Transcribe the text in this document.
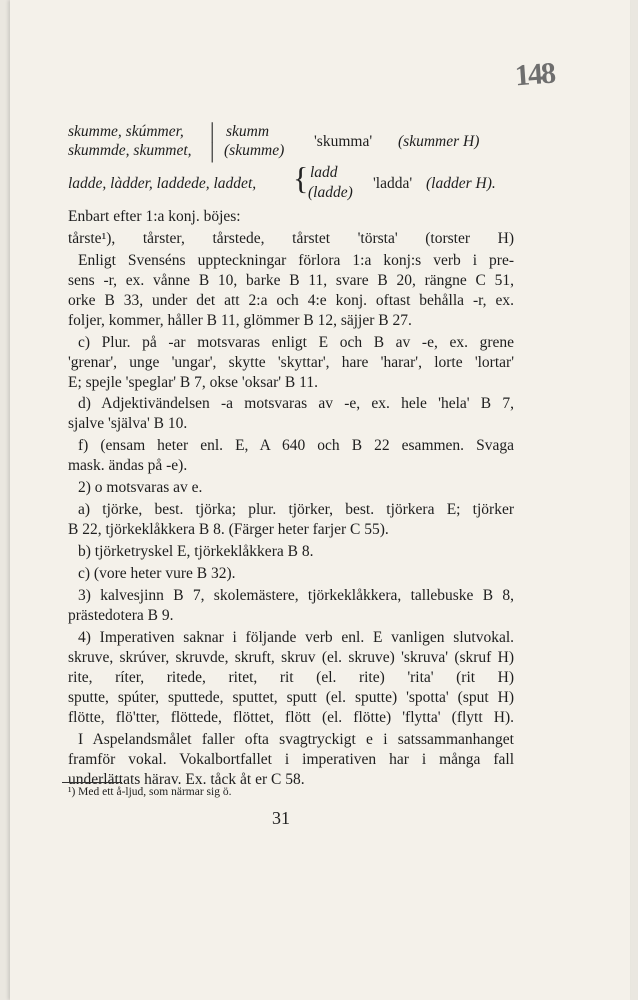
148
skumme, skúmmer, | skumm
skummde, skummet, | (skumme)
'skumma' (skummer H)
ladde, làdder, laddede, laddet, { ladd
(ladde)
'ladda' (ladder H).
Enbart efter 1:a konj. böjes:
tårste¹), tårster, tårstede, tårstet 'törsta' (torster H)
Enligt Svenséns uppteckningar förlora 1:a konj:s verb i pre-
sens -r, ex. vånne B 10, barke B 11, svare B 20, rängne C 51,
orke B 33, under det att 2:a och 4:e konj. oftast behålla -r, ex.
foljer, kommer, håller B 11, glömmer B 12, säjjer B 27.
c) Plur. på -ar motsvaras enligt E och B av -e, ex. grene
'grenar', unge 'ungar', skytte 'skyttar', hare 'harar', lorte 'lortar'
E; spejle 'speglar' B 7, okse 'oksar' B 11.
d) Adjektivändelsen -a motsvaras av -e, ex. hele 'hela' B 7,
sjalve 'själva' B 10.
f) (ensam heter enl. E, A 640 och B 22 esammen. Svaga
mask. ändas på -e).
2) o motsvaras av e.
a) tjörke, best. tjörka; plur. tjörker, best. tjörkera E; tjörker
B 22, tjörkeklåkkera B 8. (Färger heter farjer C 55).
b) tjörketryskel E, tjörkeklåkkera B 8.
c) (vore heter vure B 32).
3) kalvesjinn B 7, skolemästere, tjörkeklåkkera, tallebuske B 8,
prästedotera B 9.
4) Imperativen saknar i följande verb enl. E vanligen slutvokal.
skruve, skrúver, skruvde, skruft, skruv (el. skruve) 'skruva' (skruf H)
rite, ríter, ritede, ritet, rit (el. rite) 'rita' (rit H)
sputte, spúter, sputtede, sputtet, sputt (el. sputte) 'spotta' (sput H)
flötte, flö'tter, flöttede, flöttet, flött (el. flötte) 'flytta' (flytt H).
I Aspelandsmålet faller ofta svagtryckigt e i satssammanhanget
framför vokal. Vokalbortfallet i imperativen har i många fall
underlättats härav. Ex. tåck åt er C 58.
¹) Med ett å-ljud, som närmar sig ö.
31
